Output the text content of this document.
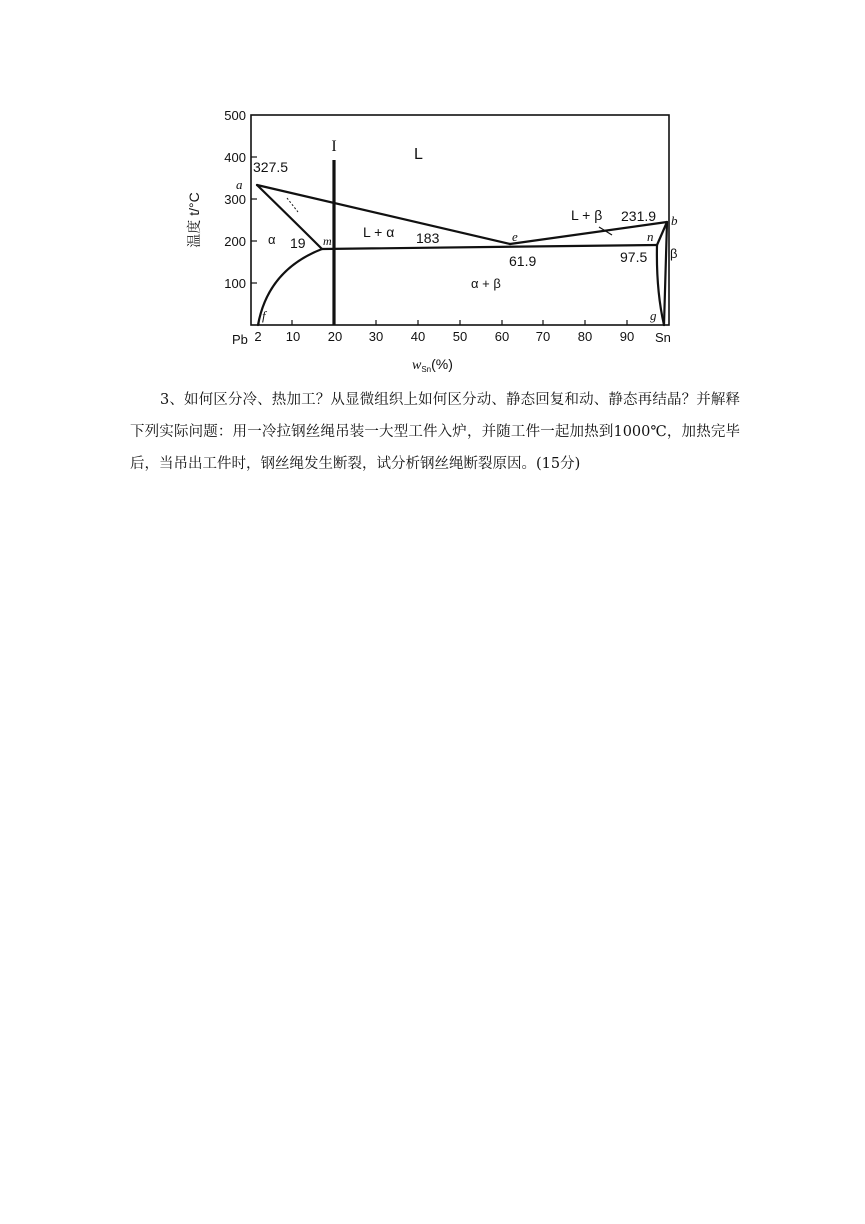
100
200
300
400
500
温度 t/°C
Pb 2 10 20 30 40 50 60 70 80 90 Sn
$w_{Sn}(\%)$
I	L
L + α
L + β
α
β
α + β
a
b
e
m	n
f	g
327.5
231.9
183
61.9
19
97.5

3、如何区分冷、热加工？从显微组织上如何区分动、静态回复和动、静态再结晶？并解释下列实际问题：用一冷拉钢丝绳吊装一大型工件入炉，并随工件一起加热到1000℃，加热完毕后，当吊出工件时，钢丝绳发生断裂，试分析钢丝绳断裂原因。(15分)
